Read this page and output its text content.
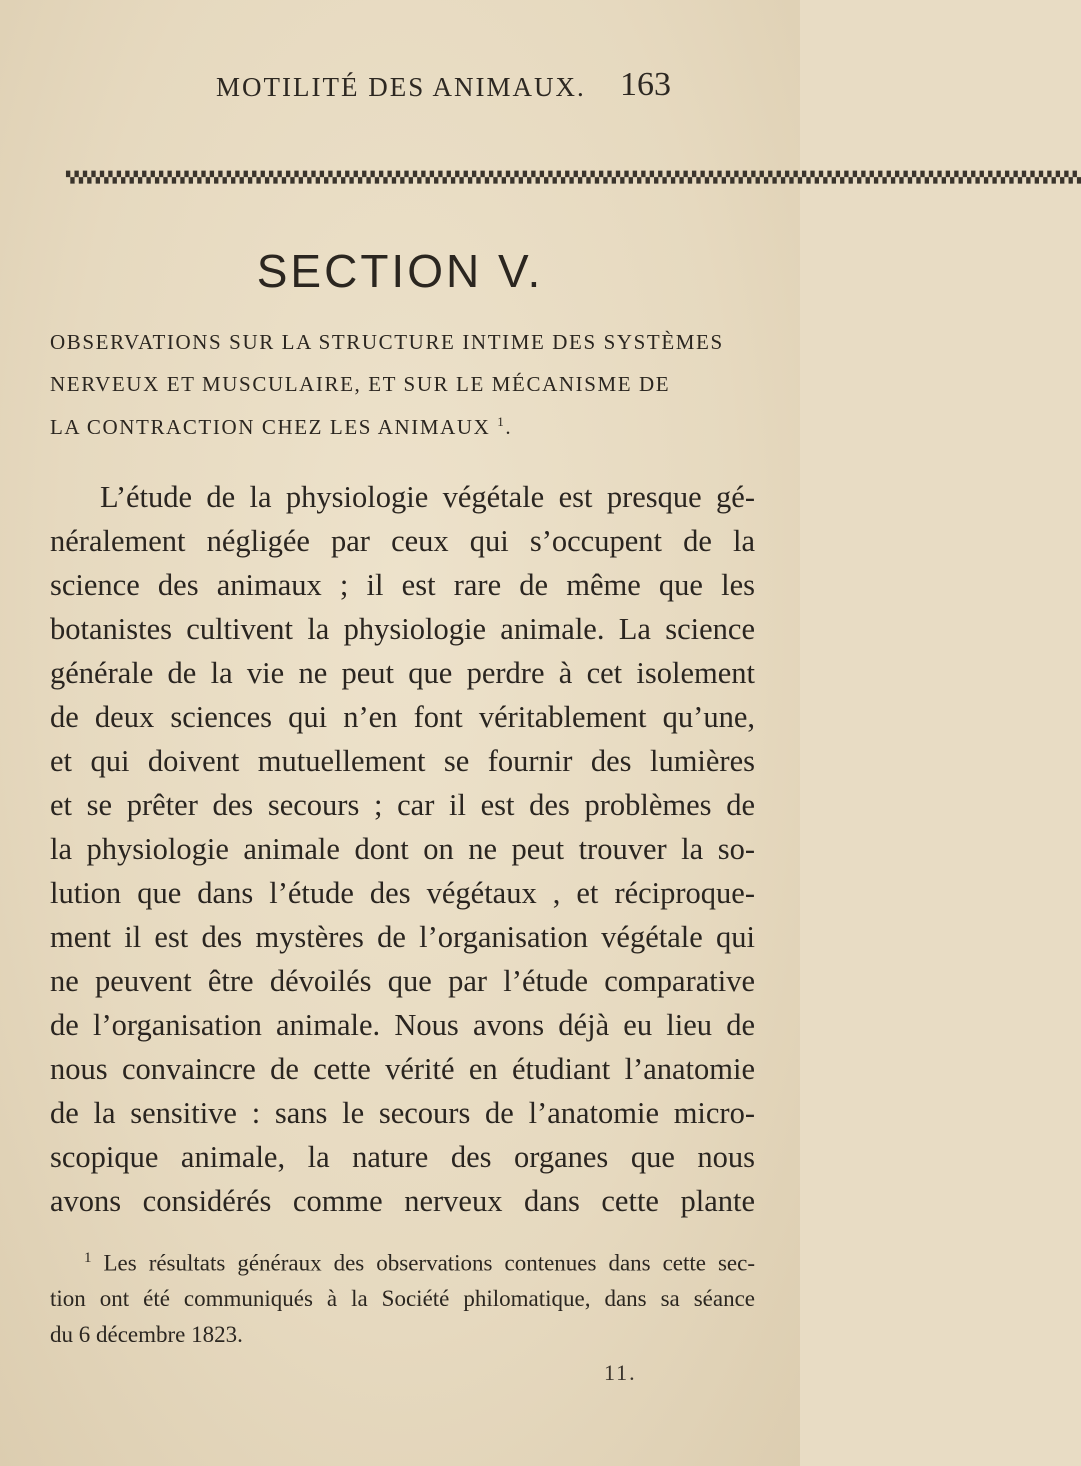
MOTILITÉ DES ANIMAUX. 163
▚▚▚▚▚▚▚▚▚▚▚▚▚▚▚▚▚▚▚▚▚▚▚▚▚▚▚▚▚▚▚▚▚▚▚▚▚▚▚▚▚▚▚▚▚▚▚▚▚▚▚▚▚▚▚▚▚▚▚▚▚▚▚▚▚▚▚▚▚▚▚▚▚▚▚▚▚▚▚▚▚▚▚▚▚▚▚▚▚▚▚▚▚▚▚▚▚▚▚▚▚▚▚▚▚▚▚▚▚▚▚▚▚▚▚▚▚▚▚▚
SECTION V.
OBSERVATIONS SUR LA STRUCTURE INTIME DES SYSTÈMES
NERVEUX ET MUSCULAIRE, ET SUR LE MÉCANISME DE
LA CONTRACTION CHEZ LES ANIMAUX $^1$.
L’étude de la physiologie végétale est presque gé-
néralement négligée par ceux qui s’occupent de la
science des animaux ; il est rare de même que les
botanistes cultivent la physiologie animale. La science
générale de la vie ne peut que perdre à cet isolement
de deux sciences qui n’en font véritablement qu’une,
et qui doivent mutuellement se fournir des lumières
et se prêter des secours ; car il est des problèmes de
la physiologie animale dont on ne peut trouver la so-
lution que dans l’étude des végétaux , et réciproque-
ment il est des mystères de l’organisation végétale qui
ne peuvent être dévoilés que par l’étude comparative
de l’organisation animale. Nous avons déjà eu lieu de
nous convaincre de cette vérité en étudiant l’anatomie
de la sensitive : sans le secours de l’anatomie micro-
scopique animale, la nature des organes que nous
avons considérés comme nerveux dans cette plante
$^1$ Les résultats généraux des observations contenues dans cette sec-
tion ont été communiqués à la Société philomatique, dans sa séance
du 6 décembre 1823.
11.
